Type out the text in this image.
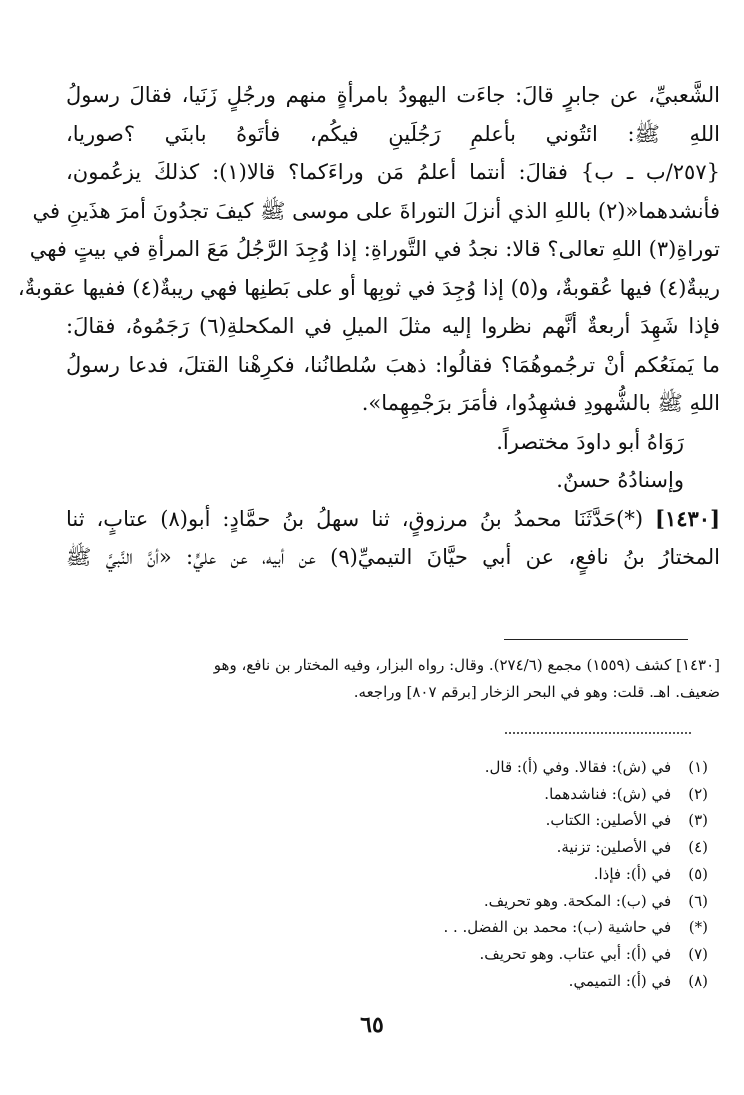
الشَّعبيِّ، عن جابرٍ قالَ: جاءَت اليهودُ بامرأةٍ منهم ورجُلٍ زَنَيا، فقالَ رسولُ
اللهِ ﷺ: ائتُوني بأعلمِ رَجُلَينِ فيكُم، فأتَوهُ بابنَي ؟صوريا،
{٢٥٧/ب ـ ب} فقالَ: أنتما أعلمُ مَن وراءَكما؟ قالا(١): كذلكَ يزعُمون،
فأنشدهما«(٢) باللهِ الذي أنزلَ التوراةَ على موسى ﷺ كيفَ تجدُونَ أمرَ هذَينِ في
توراةِ(٣) اللهِ تعالى؟ قالا: نجدُ في التَّوراةِ: إذا وُجِدَ الرَّجُلُ مَعَ المرأةِ في بيتٍ فهي
ريبةٌ(٤) فيها عُقوبةٌ، و(٥) إذا وُجِدَ في ثوبِها أو على بَطنِها فهي ريبةٌ(٤) ففيها عقوبةٌ،
فإذا شَهِدَ أربعةٌ أنَّهم نظروا إليه مثلَ الميلِ في المكحلةِ(٦) رَجَمُوهُ، فقالَ:
ما يَمنَعُكم أنْ ترجُموهُمَا؟ فقالُوا: ذهبَ سُلطانُنا، فكرِهْنا القتلَ، فدعا رسولُ
اللهِ ﷺ بالشُّهودِ فشهِدُوا، فأمَرَ برَجْمِهِما».
رَوَاهُ أبو داودَ مختصراً.
وإسنادُهُ حسنٌ.
[١٤٣٠] (*)حَدَّثَنَا محمدُ بنُ مرزوقٍ، ثنا سهلُ بنُ حمَّادٍ: أبو(٨) عتابٍ، ثنا
المختارُ بنُ نافعٍ، عن أبي حيَّانَ التيميِّ(٩) عن أبيه، عن عليٍّ: «أنَّ النَّبيَّ ﷺ
[١٤٣٠] كشف (١٥٥٩) مجمع (٢٧٤/٦). وقال: رواه البزار، وفيه المختار بن نافع، وهو
ضعيف. اهـ. قلت: وهو في البحر الزخار [برقم ٨٠٧] وراجعه.
(١) في (ش): فقالا. وفي (أ): قال.
(٢) في (ش): فناشدهما.
(٣) في الأصلين: الكتاب.
(٤) في الأصلين: تزنية.
(٥) في (أ): فإذا.
(٦) في (ب): المكحة. وهو تحريف.
(*) في حاشية (ب): محمد بن الفضل. . .
(٧) في (أ): أبي عتاب. وهو تحريف.
(٨) في (أ): التميمي.
٦٥
